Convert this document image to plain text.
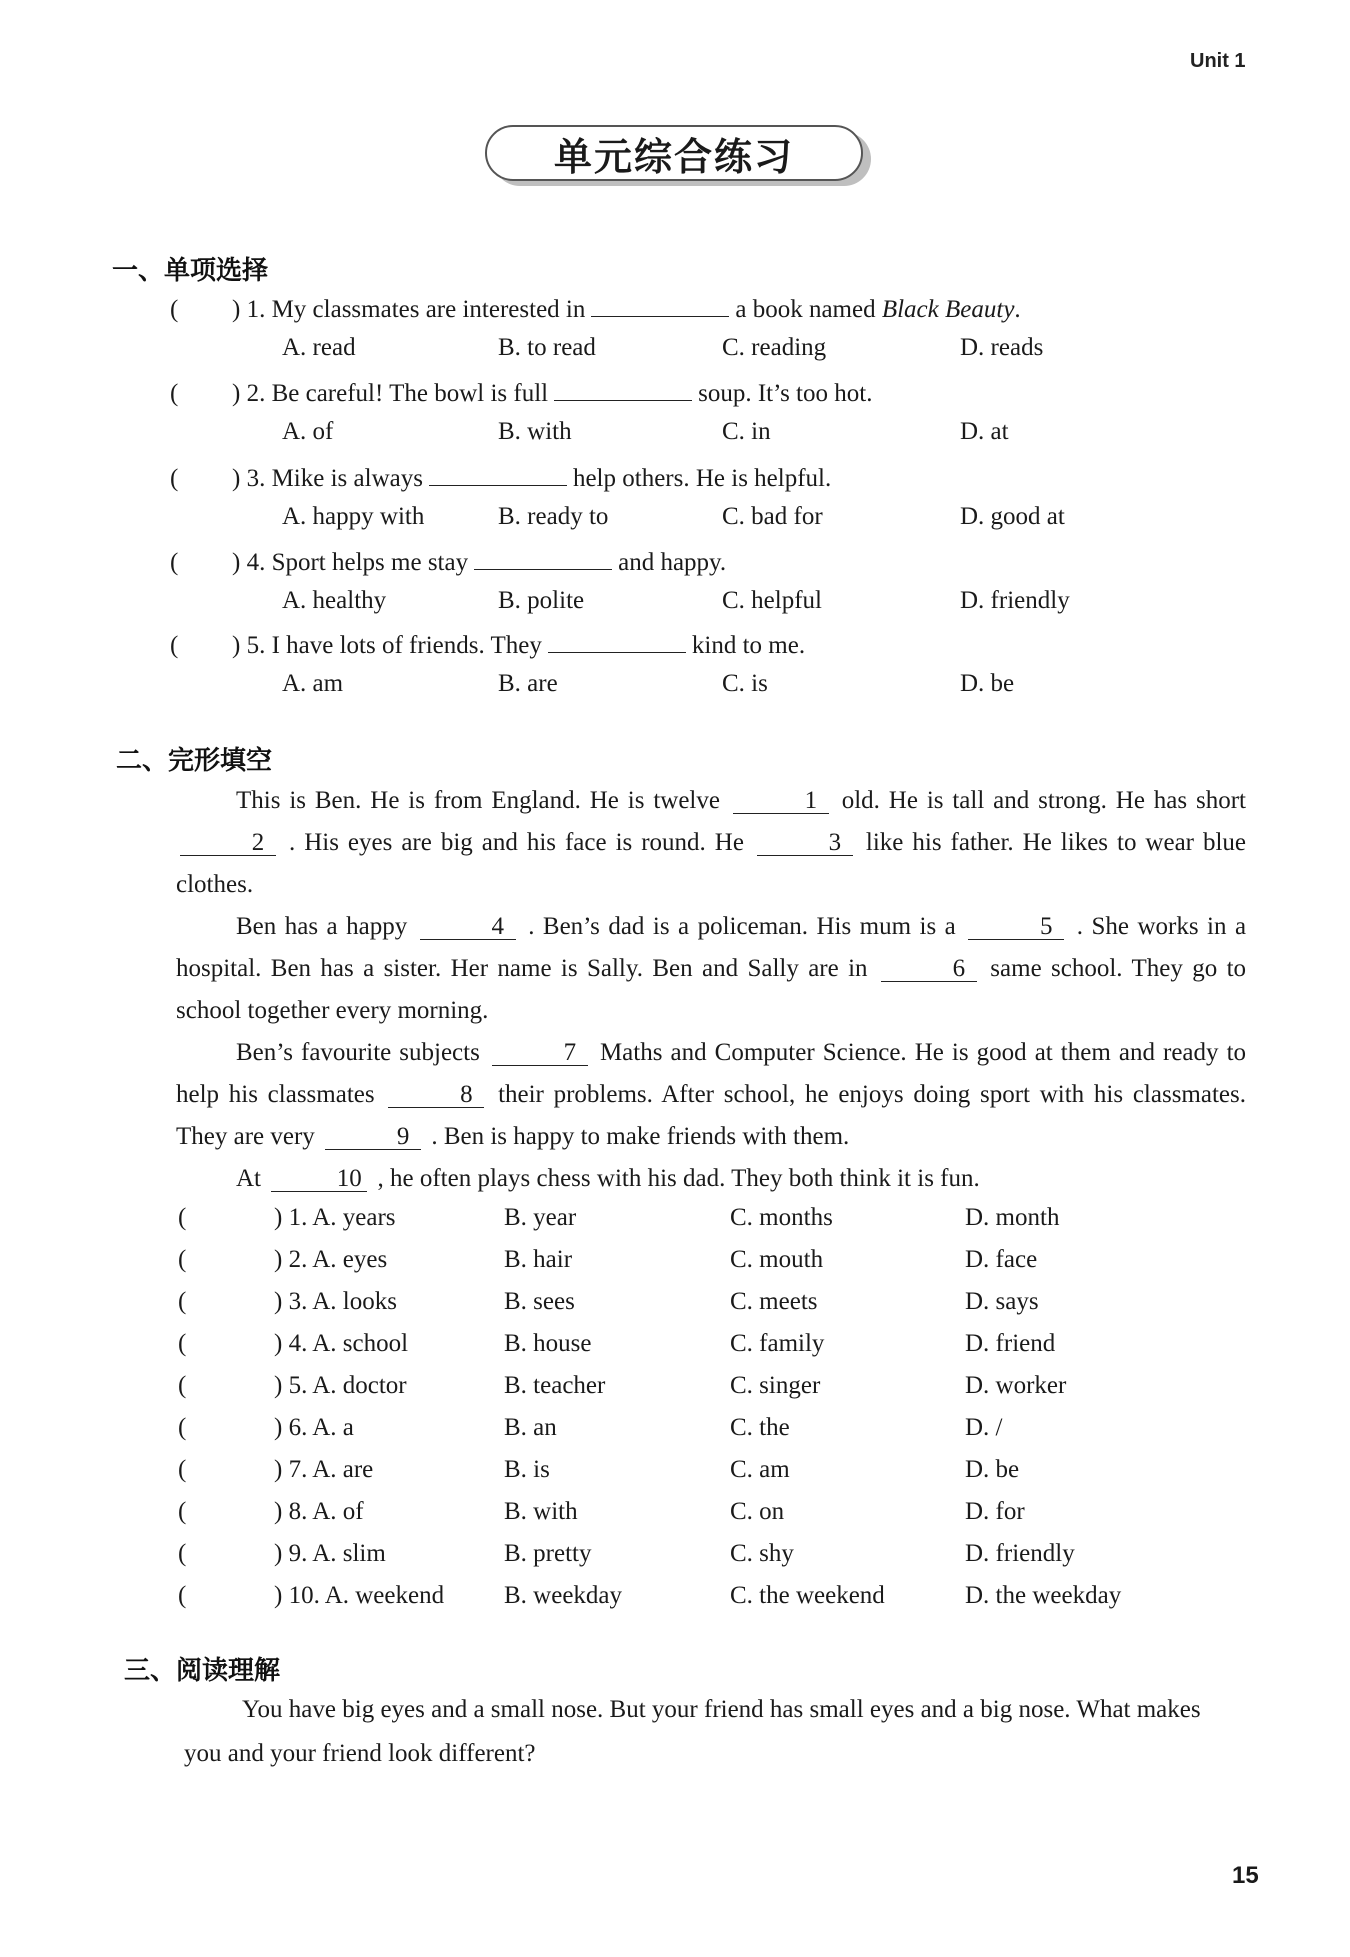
Unit 1
单元综合练习
一、单项选择
( ) 1. My classmates are interested in	a book named Black Beauty.
A. read	B. to read	C. reading	D. reads
( ) 2. Be careful! The bowl is full	soup. It’s too hot.
A. of	B. with	C. in	D. at
( ) 3. Mike is always	help others. He is helpful.
A. happy with	B. ready to	C. bad for	D. good at
( ) 4. Sport helps me stay	and happy.
A. healthy	B. polite	C. helpful	D. friendly
( ) 5. I have lots of friends. They	kind to me.
A. am	B. are	C. is	D. be
二、完形填空

This is Ben. He is from England. He is twelve	1 old. He is tall and strong. He has short 2 . His eyes are big and his face is round. He	3 like his father. He likes to wear blue clothes.

Ben has a happy	4 . Ben’s dad is a policeman. His mum is a	5 . She works in a hospital. Ben has a sister. Her name is Sally. Ben and Sally are in	6 same school. They go to school together every morning.

Ben’s favourite subjects	7 Maths and Computer Science. He is good at them and ready to help his classmates	8 their problems. After school, he enjoys doing sport with his classmates. They are very	9 . Ben is happy to make friends with them.

At	10 , he often plays chess with his dad. They both think it is fun.

(	) 1. A. years	B. year	C. months	D. month
(	) 2. A. eyes	B. hair	C. mouth	D. face
(	) 3. A. looks	B. sees	C. meets	D. says
(	) 4. A. school	B. house	C. family	D. friend
(	) 5. A. doctor	B. teacher	C. singer	D. worker
(	) 6. A. a	B. an	C. the	D. /
(	) 7. A. are	B. is	C. am	D. be
(	) 8. A. of	B. with	C. on	D. for
(	) 9. A. slim	B. pretty	C. shy	D. friendly
(	) 10. A. weekend B. weekday	C. the weekend	D. the weekday
三、阅读理解

You have big eyes and a small nose. But your friend has small eyes and a big nose. What makes you and your friend look different?

15
